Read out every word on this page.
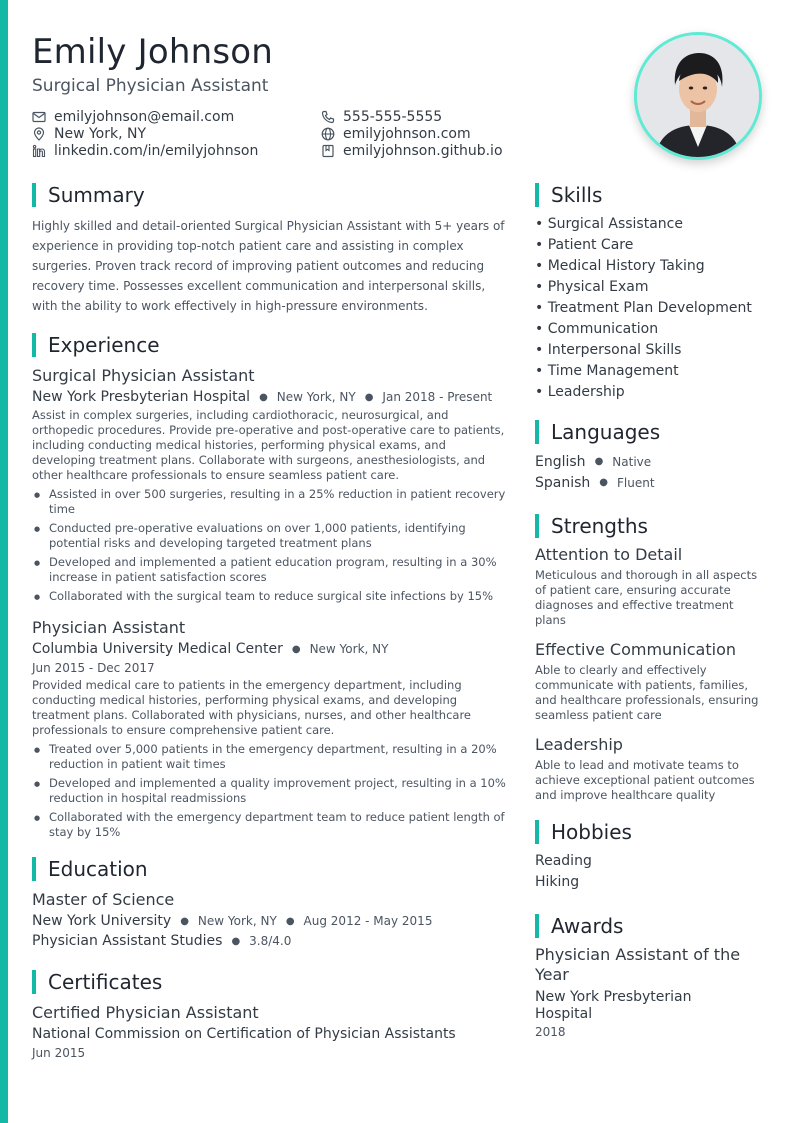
Emily Johnson
Surgical Physician Assistant
emilyjohnson@email.com	555-555-5555
New York, NY	emilyjohnson.com
linkedin.com/in/emilyjohnson	emilyjohnson.github.io
Summary

Highly skilled and detail-oriented Surgical Physician Assistant with 5+ years of experience in providing top-notch patient care and assisting in complex surgeries. Proven track record of improving patient outcomes and reducing recovery time. Possesses excellent communication and interpersonal skills, with the ability to work effectively in high-pressure environments.

Experience
Surgical Physician Assistant
New York Presbyterian Hospital ● New York, NY ● Jan 2018 - Present

Assist in complex surgeries, including cardiothoracic, neurosurgical, and orthopedic procedures. Provide pre-operative and post-operative care to patients, including conducting medical histories, performing physical exams, and developing treatment plans. Collaborate with surgeons, anesthesiologists, and other healthcare professionals to ensure seamless patient care.

● Assisted in over 500 surgeries, resulting in a 25% reduction in patient recovery time
● Conducted pre-operative evaluations on over 1,000 patients, identifying potential risks and developing targeted treatment plans
● Developed and implemented a patient education program, resulting in a 30% increase in patient satisfaction scores
● Collaborated with the surgical team to reduce surgical site infections by 15%
Physician Assistant
Columbia University Medical Center ● New York, NY
Jun 2015 - Dec 2017

Provided medical care to patients in the emergency department, including conducting medical histories, performing physical exams, and developing treatment plans. Collaborated with physicians, nurses, and other healthcare professionals to ensure comprehensive patient care.

● Treated over 5,000 patients in the emergency department, resulting in a 20% reduction in patient wait times
● Developed and implemented a quality improvement project, resulting in a 10% reduction in hospital readmissions
● Collaborated with the emergency department team to reduce patient length of stay by 15%
Education
Master of Science
New York University ● New York, NY ● Aug 2012 - May 2015
Physician Assistant Studies ● 3.8/4.0
Certificates
Certified Physician Assistant
National Commission on Certification of Physician Assistants
Jun 2015
Skills
• Surgical Assistance
• Patient Care
• Medical History Taking
• Physical Exam
• Treatment Plan Development
• Communication
• Interpersonal Skills
• Time Management
• Leadership
Languages
English ● Native
Spanish ● Fluent
Strengths
Attention to Detail
Meticulous and thorough in all aspects of patient care, ensuring accurate diagnoses and effective treatment plans
Effective Communication
Able to clearly and effectively communicate with patients, families, and healthcare professionals, ensuring seamless patient care
Leadership
Able to lead and motivate teams to achieve exceptional patient outcomes and improve healthcare quality
Hobbies
Reading
Hiking
Awards
Physician Assistant of the Year
New York Presbyterian Hospital
2018
